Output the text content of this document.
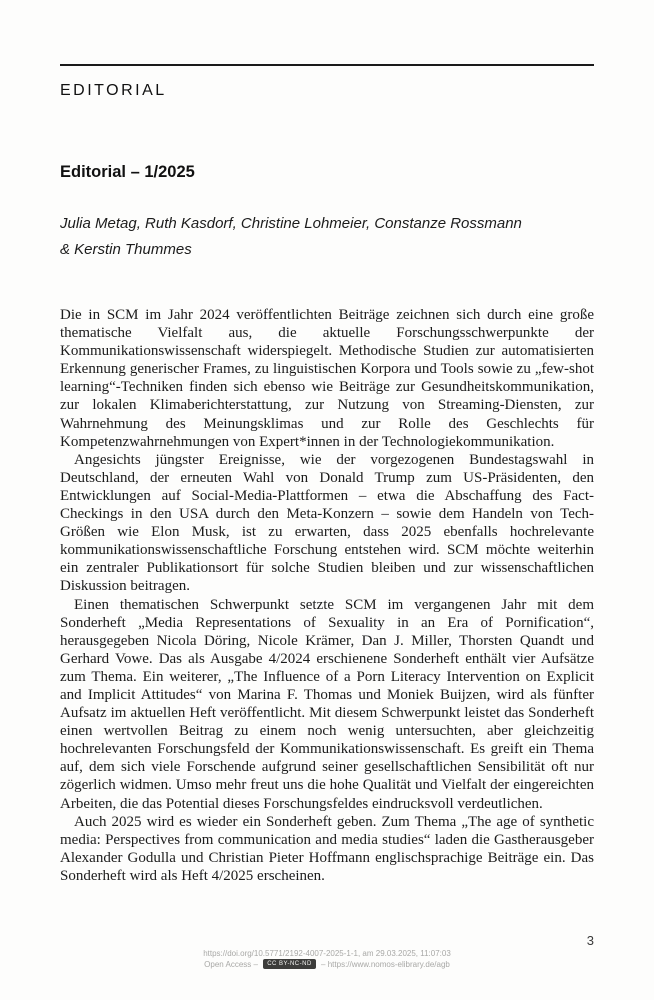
EDITORIAL
Editorial – 1/2025
Julia Metag, Ruth Kasdorf, Christine Lohmeier, Constanze Rossmann & Kerstin Thummes

Die in SCM im Jahr 2024 veröffentlichten Beiträge zeichnen sich durch eine große thematische Vielfalt aus, die aktuelle Forschungsschwerpunkte der Kommunikationswissenschaft widerspiegelt. Methodische Studien zur automatisierten Erkennung generischer Frames, zu linguistischen Korpora und Tools sowie zu „few-shot learning“-Techniken finden sich ebenso wie Beiträge zur Gesundheitskommunikation, zur lokalen Klimaberichterstattung, zur Nutzung von Streaming-Diensten, zur Wahrnehmung des Meinungsklimas und zur Rolle des Geschlechts für Kompetenzwahrnehmungen von Expert*innen in der Technologiekommunikation.

Angesichts jüngster Ereignisse, wie der vorgezogenen Bundestagswahl in Deutschland, der erneuten Wahl von Donald Trump zum US-Präsidenten, den Entwicklungen auf Social-Media-Plattformen – etwa die Abschaffung des Fact-Checkings in den USA durch den Meta-Konzern – sowie dem Handeln von Tech-Größen wie Elon Musk, ist zu erwarten, dass 2025 ebenfalls hochrelevante kommunikationswissenschaftliche Forschung entstehen wird. SCM möchte weiterhin ein zentraler Publikationsort für solche Studien bleiben und zur wissenschaftlichen Diskussion beitragen.

Einen thematischen Schwerpunkt setzte SCM im vergangenen Jahr mit dem Sonderheft „Media Representations of Sexuality in an Era of Pornification“, herausgegeben Nicola Döring, Nicole Krämer, Dan J. Miller, Thorsten Quandt und Gerhard Vowe. Das als Ausgabe 4/2024 erschienene Sonderheft enthält vier Aufsätze zum Thema. Ein weiterer, „The Influence of a Porn Literacy Intervention on Explicit and Implicit Attitudes“ von Marina F. Thomas und Moniek Buijzen, wird als fünfter Aufsatz im aktuellen Heft veröffentlicht. Mit diesem Schwerpunkt leistet das Sonderheft einen wertvollen Beitrag zu einem noch wenig untersuchten, aber gleichzeitig hochrelevanten Forschungsfeld der Kommunikationswissenschaft. Es greift ein Thema auf, dem sich viele Forschende aufgrund seiner gesellschaftlichen Sensibilität oft nur zögerlich widmen. Umso mehr freut uns die hohe Qualität und Vielfalt der eingereichten Arbeiten, die das Potential dieses Forschungsfeldes eindrucksvoll verdeutlichen.

Auch 2025 wird es wieder ein Sonderheft geben. Zum Thema „The age of synthetic media: Perspectives from communication and media studies“ laden die Gastherausgeber Alexander Godulla und Christian Pieter Hoffmann englischsprachige Beiträge ein. Das Sonderheft wird als Heft 4/2025 erscheinen.

3
https://doi.org/10.5771/2192-4007-2025-1-1, am 29.03.2025, 11:07:03
Open Access – CC BY-NC-ND – https://www.nomos-elibrary.de/agb
